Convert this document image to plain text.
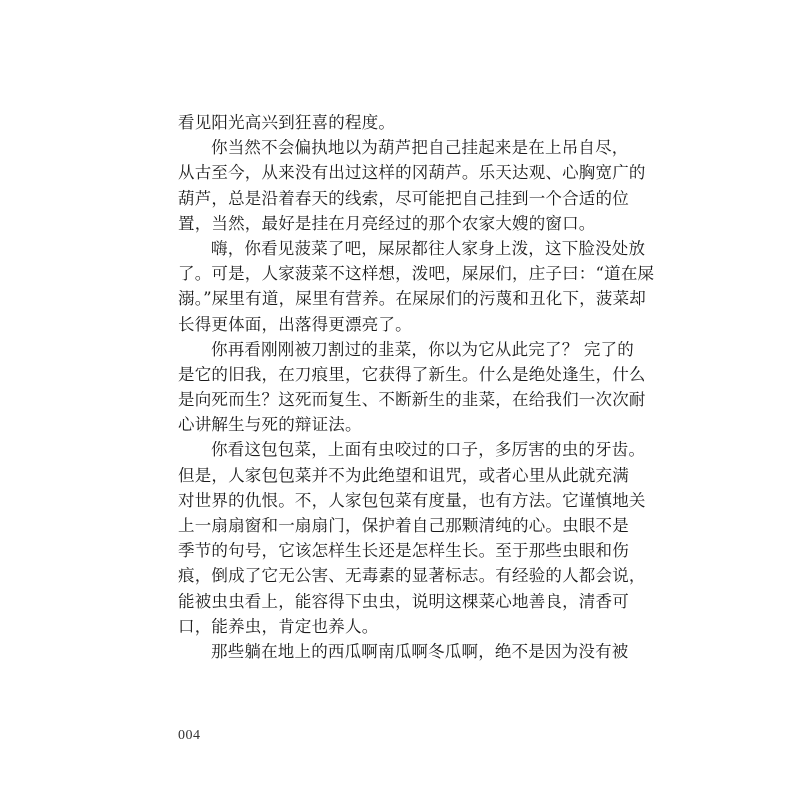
看见阳光高兴到狂喜的程度。
你当然不会偏执地以为葫芦把自己挂起来是在上吊自尽，
从古至今，从来没有出过这样的冈葫芦。乐天达观、心胸宽广的
葫芦，总是沿着春天的线索，尽可能把自己挂到一个合适的位
置，当然，最好是挂在月亮经过的那个农家大嫂的窗口。
嗨，你看见菠菜了吧，屎尿都往人家身上泼，这下脸没处放
了。可是，人家菠菜不这样想，泼吧，屎尿们，庄子曰：“道在屎
溺。”屎里有道，屎里有营养。在屎尿们的污蔑和丑化下，菠菜却
长得更体面，出落得更漂亮了。
你再看刚刚被刀割过的韭菜，你以为它从此完了？ 完了的
是它的旧我，在刀痕里，它获得了新生。什么是绝处逢生，什么
是向死而生？这死而复生、不断新生的韭菜，在给我们一次次耐
心讲解生与死的辩证法。
你看这包包菜，上面有虫咬过的口子，多厉害的虫的牙齿。
但是，人家包包菜并不为此绝望和诅咒，或者心里从此就充满
对世界的仇恨。不，人家包包菜有度量，也有方法。它谨慎地关
上一扇扇窗和一扇扇门，保护着自己那颗清纯的心。虫眼不是
季节的句号，它该怎样生长还是怎样生长。至于那些虫眼和伤
痕，倒成了它无公害、无毒素的显著标志。有经验的人都会说，
能被虫虫看上，能容得下虫虫，说明这棵菜心地善良，清香可
口，能养虫，肯定也养人。
那些躺在地上的西瓜啊南瓜啊冬瓜啊，绝不是因为没有被
004
